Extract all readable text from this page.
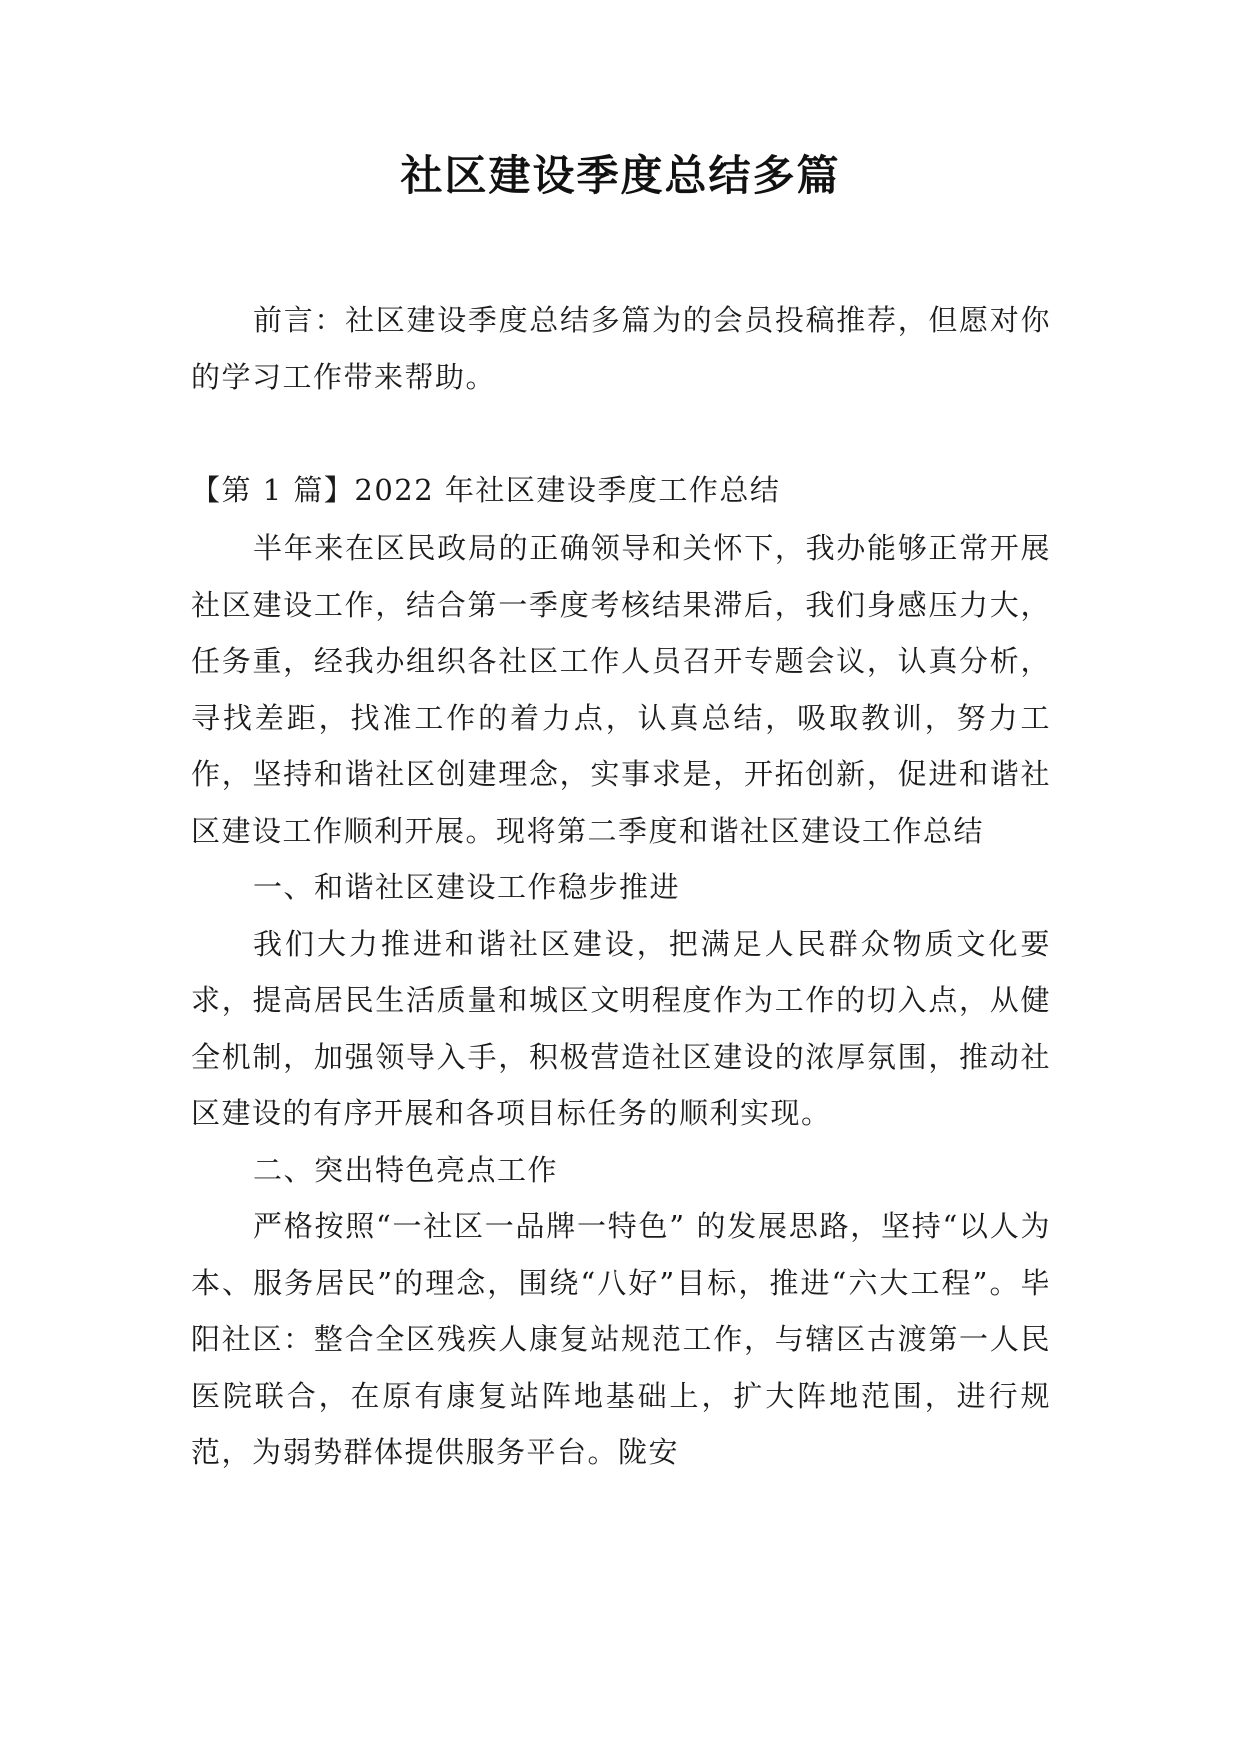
社区建设季度总结多篇

前言：社区建设季度总结多篇为的会员投稿推荐，但愿对你的学习工作带来帮助。

【第 1 篇】2022 年社区建设季度工作总结

半年来在区民政局的正确领导和关怀下，我办能够正常开展社区建设工作，结合第一季度考核结果滞后，我们身感压力大，任务重，经我办组织各社区工作人员召开专题会议，认真分析，寻找差距，找准工作的着力点，认真总结，吸取教训，努力工作，坚持和谐社区创建理念，实事求是，开拓创新，促进和谐社区建设工作顺利开展。现将第二季度和谐社区建设工作总结

一、和谐社区建设工作稳步推进

我们大力推进和谐社区建设，把满足人民群众物质文化要求，提高居民生活质量和城区文明程度作为工作的切入点，从健全机制，加强领导入手，积极营造社区建设的浓厚氛围，推动社区建设的有序开展和各项目标任务的顺利实现。

二、突出特色亮点工作

严格按照“一社区一品牌一特色” 的发展思路，坚持“以人为本、服务居民”的理念，围绕“八好”目标，推进“六大工程”。毕阳社区：整合全区残疾人康复站规范工作，与辖区古渡第一人民医院联合，在原有康复站阵地基础上，扩大阵地范围，进行规范，为弱势群体提供服务平台。陇安
